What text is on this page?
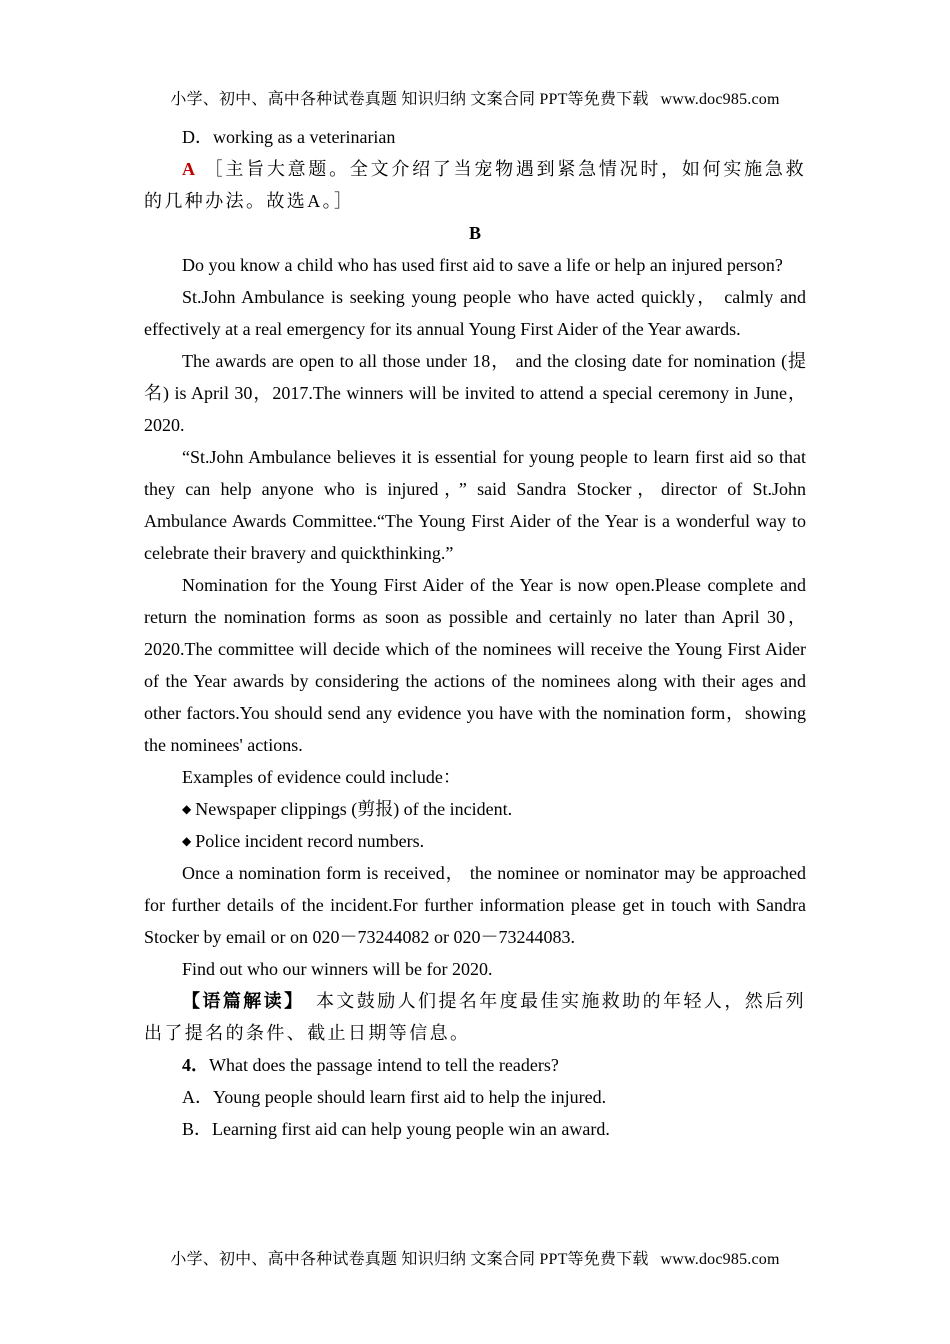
小学、初中、高中各种试卷真题 知识归纳 文案合同 PPT等免费下载 www.doc985.com

D．working as a veterinarian

A ［主旨大意题。全文介绍了当宠物遇到紧急情况时，如何实施急救的几种办法。故选A。］

B

Do you know a child who has used first aid to save a life or help an injured person?

St.John Ambulance is seeking young people who have acted quickly， calmly and effectively at a real emergency for its annual Young First Aider of the Year awards.

The awards are open to all those under 18， and the closing date for nomination (提名) is April 30，2017.The winners will be invited to attend a special ceremony in June，2020.

“St.John Ambulance believes it is essential for young people to learn first aid so that they can help anyone who is injured，” said Sandra Stocker，director of St.John Ambulance Awards Committee.“The Young First Aider of the Year is a wonderful way to celebrate their bravery and quickthinking.”

Nomination for the Young First Aider of the Year is now open.Please complete and return the nomination forms as soon as possible and certainly no later than April 30， 2020.The committee will decide which of the nominees will receive the Young First Aider of the Year awards by considering the actions of the nominees along with their ages and other factors.You should send any evidence you have with the nomination form，showing the nominees' actions.

Examples of evidence could include：

◆ Newspaper clippings (剪报) of the incident.

◆ Police incident record numbers.

Once a nomination form is received， the nominee or nominator may be approached for further details of the incident.For further information please get in touch with Sandra Stocker by email or on 020－73244082 or 020－73244083.

Find out who our winners will be for 2020.

【语篇解读】　 本文鼓励人们提名年度最佳实施救助的年轻人，然后列出了提名的条件、截止日期等信息。

4．What does the passage intend to tell the readers?

A．Young people should learn first aid to help the injured.

B．Learning first aid can help young people win an award.

小学、初中、高中各种试卷真题 知识归纳 文案合同 PPT等免费下载 www.doc985.com
